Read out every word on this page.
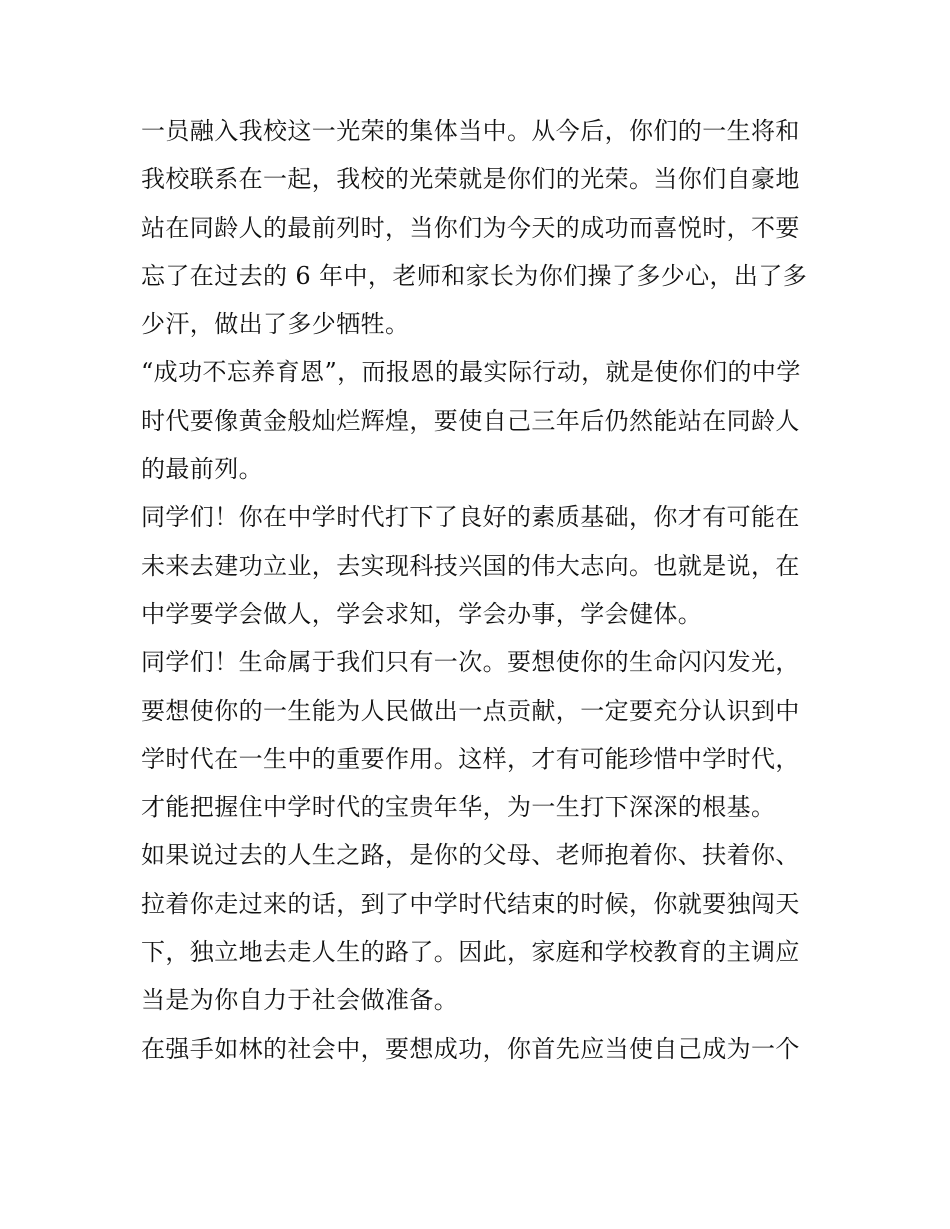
一员融入我校这一光荣的集体当中。从今后，你们的一生将和
我校联系在一起，我校的光荣就是你们的光荣。当你们自豪地
站在同龄人的最前列时，当你们为今天的成功而喜悦时，不要
忘了在过去的 6 年中，老师和家长为你们操了多少心，出了多
少汗，做出了多少牺牲。
“成功不忘养育恩”，而报恩的最实际行动，就是使你们的中学
时代要像黄金般灿烂辉煌，要使自己三年后仍然能站在同龄人
的最前列。
同学们！你在中学时代打下了良好的素质基础，你才有可能在
未来去建功立业，去实现科技兴国的伟大志向。也就是说，在
中学要学会做人，学会求知，学会办事，学会健体。
同学们！生命属于我们只有一次。要想使你的生命闪闪发光，
要想使你的一生能为人民做出一点贡献，一定要充分认识到中
学时代在一生中的重要作用。这样，才有可能珍惜中学时代，
才能把握住中学时代的宝贵年华，为一生打下深深的根基。
如果说过去的人生之路，是你的父母、老师抱着你、扶着你、
拉着你走过来的话，到了中学时代结束的时候，你就要独闯天
下，独立地去走人生的路了。因此，家庭和学校教育的主调应
当是为你自力于社会做准备。
在强手如林的社会中，要想成功，你首先应当使自己成为一个
